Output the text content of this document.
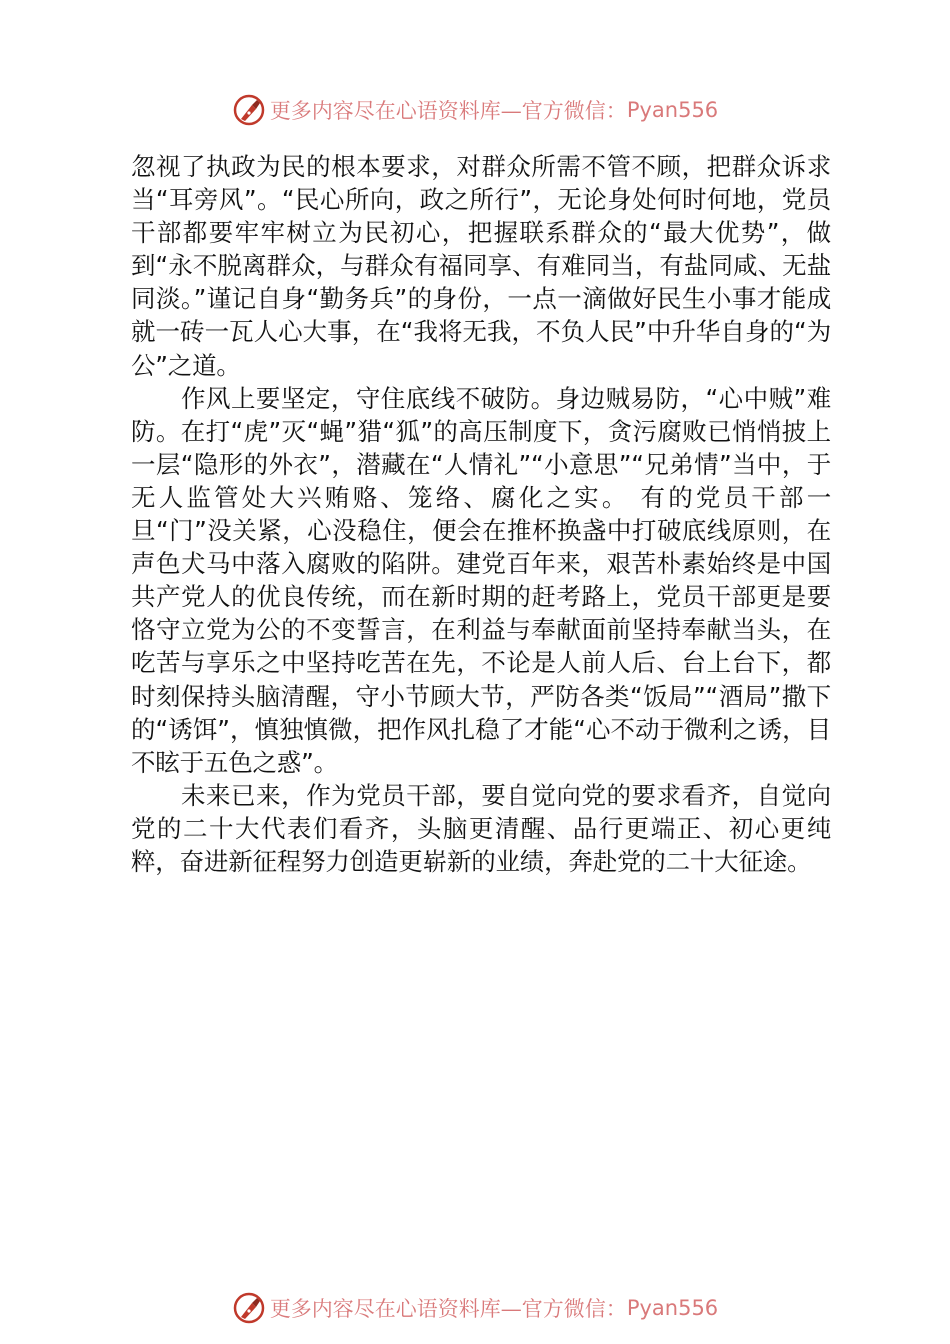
更多内容尽在心语资料库—官方微信： Pyan556

忽视了执政为民的根本要求，对群众所需不管不顾，把群众诉求当“耳旁风”。“民心所向，政之所行”，无论身处何时何地，党员干部都要牢牢树立为民初心，把握联系群众的“最大优势”，做到“永不脱离群众，与群众有福同享、有难同当，有盐同咸、无盐同淡。”谨记自身“勤务兵”的身份，一点一滴做好民生小事才能成就一砖一瓦人心大事，在“我将无我，不负人民”中升华自身的“为公”之道。

作风上要坚定，守住底线不破防。身边贼易防，“心中贼”难防。在打“虎”灭“蝇”猎“狐”的高压制度下，贪污腐败已悄悄披上一层“隐形的外衣”，潜藏在“人情礼”“小意思”“兄弟情”当中，于无人监管处大兴贿赂、笼络、腐化之实。 有的党员干部一旦“门”没关紧，心没稳住，便会在推杯换盏中打破底线原则，在声色犬马中落入腐败的陷阱。建党百年来，艰苦朴素始终是中国共产党人的优良传统，而在新时期的赶考路上，党员干部更是要恪守立党为公的不变誓言，在利益与奉献面前坚持奉献当头，在吃苦与享乐之中坚持吃苦在先，不论是人前人后、台上台下，都时刻保持头脑清醒，守小节顾大节，严防各类“饭局”“酒局”撒下的“诱饵”，慎独慎微，把作风扎稳了才能“心不动于微利之诱，目不眩于五色之惑”。

未来已来，作为党员干部，要自觉向党的要求看齐，自觉向党的二十大代表们看齐，头脑更清醒、品行更端正、初心更纯粹，奋进新征程努力创造更崭新的业绩，奔赴党的二十大征途。

更多内容尽在心语资料库—官方微信： Pyan556
